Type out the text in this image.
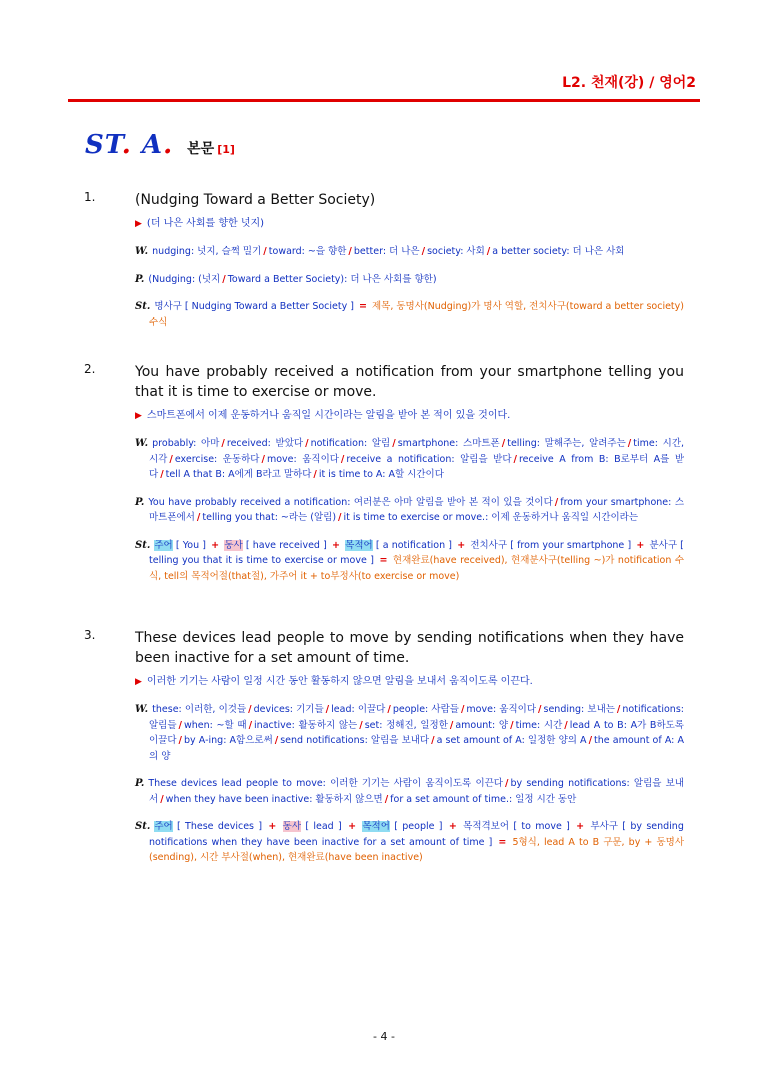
L2. 천재(강) / 영어2
ST. A. 본문 [1]
1.	(Nudging Toward a Better Society)
▶ (더 나은 사회를 향한 넛지)
W. nudging: 넛지, 슬쩍 밀기 / toward: ~을 향한 / better: 더 나은 / society: 사회 / a better society: 더 나은 사회
P. (Nudging: (넛지 / Toward a Better Society): 더 나은 사회를 향한)
St. 명사구 [ Nudging Toward a Better Society ] = 제목, 동명사(Nudging)가 명사 역할, 전치사구(toward a better society) 수식
2.	You have probably received a notification from your smartphone telling you that it is time to exercise or move.
▶ 스마트폰에서 이제 운동하거나 움직일 시간이라는 알림을 받아 본 적이 있을 것이다.
W. probably: 아마 / received: 받았다 / notification: 알림 / smartphone: 스마트폰 / telling: 말해주는, 알려주는 / time: 시간, 시각 / exercise: 운동하다 / move: 움직이다 / receive a notification: 알림을 받다 / receive A from B: B로부터 A를 받다 / tell A that B: A에게 B라고 말하다 / it is time to A: A할 시간이다
P. You have probably received a notification: 여러분은 아마 알림을 받아 본 적이 있을 것이다 / from your smartphone: 스마트폰에서 / telling you that: ~라는 (알림) / it is time to exercise or move.: 이제 운동하거나 움직일 시간이라는
St. 주어 [ You ] + 동사 [ have received ] + 목적어 [ a notification ] + 전치사구 [ from your smartphone ] + 분사구 [ telling you that it is time to exercise or move ] = 현재완료(have received), 현재분사구(telling ~)가 notification 수식, tell의 목적어절(that절), 가주어 it + to부정사(to exercise or move)
3.	These devices lead people to move by sending notifications when they have been inactive for a set amount of time.
▶ 이러한 기기는 사람이 일정 시간 동안 활동하지 않으면 알림을 보내서 움직이도록 이끈다.
W. these: 이러한, 이것들 / devices: 기기들 / lead: 이끌다 / people: 사람들 / move: 움직이다 / sending: 보내는 / notifications: 알림들 / when: ~할 때 / inactive: 활동하지 않는 / set: 정해진, 일정한 / amount: 양 / time: 시간 / lead A to B: A가 B하도록 이끌다 / by A-ing: A함으로써 / send notifications: 알림을 보내다 / a set amount of A: 일정한 양의 A / the amount of A: A의 양
P. These devices lead people to move: 이러한 기기는 사람이 움직이도록 이끈다 / by sending notifications: 알림을 보내서 / when they have been inactive: 활동하지 않으면 / for a set amount of time.: 일정 시간 동안
St. 주어 [ These devices ] + 동사 [ lead ] + 목적어 [ people ] + 목적격보어 [ to move ] + 부사구 [ by sending notifications when they have been inactive for a set amount of time ] = 5형식, lead A to B 구문, by + 동명사(sending), 시간 부사절(when), 현재완료(have been inactive)
- 4 -
